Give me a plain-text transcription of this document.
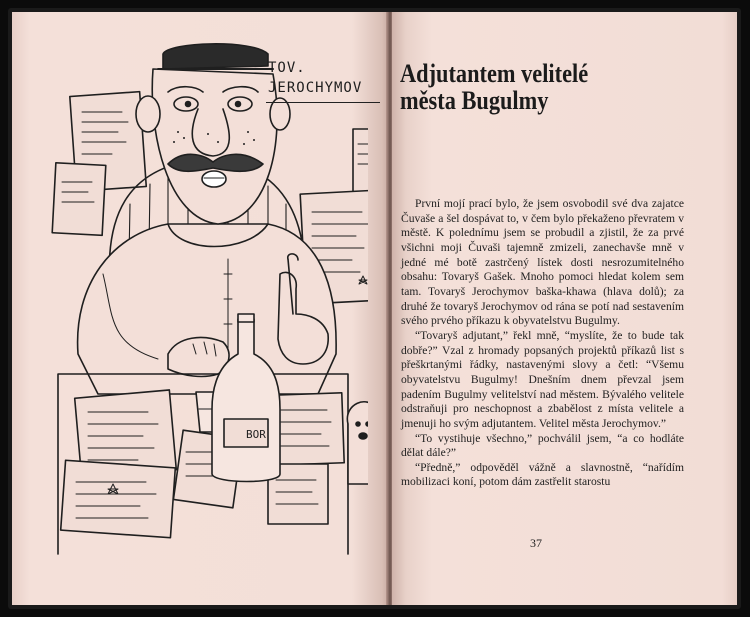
BOR
TOV. JEROCHYMOV	Adjutantem velitelé
města Bugulmy

První mojí prací bylo, že jsem osvobodil své dva zajatce Čuvaše a šel dospávat to, v čem bylo překaženo převratem v městě. K polednímu jsem se probudil a zjistil, že za prvé všichni moji Čuvaši tajemně zmizeli, zanechavše mně v jedné mé botě zastrčený lístek dosti nesrozumitelného obsahu: Tovaryš Gašek. Mnoho pomoci hledat kolem sem tam. Tovaryš Jerochymov baška-khawa (hlava dolů); za druhé že tovaryš Jerochymov od rána se potí nad sestavením svého prvého příkazu k obyvatelstvu Bugulmy.

“Tovaryš adjutant,” řekl mně, “myslíte, že to bude tak dobře?” Vzal z hromady popsaných projektů příkazů list s přeškrtanými řádky, nastavenými slovy a četl: “Všemu obyvatelstvu Bugulmy! Dnešním dnem převzal jsem padením Bugulmy velitelství nad městem. Bývalého velitele odstraňuji pro neschopnost a zbabělost z místa velitele a jmenuji ho svým adjutantem. Velitel města Jerochymov.”

“To vystihuje všechno,” pochválil jsem, “a co hodláte dělat dále?”

“Předně,” odpověděl vážně a slavnostně, “nařídím mobilizaci koní, potom dám zastřelit starostu

37
